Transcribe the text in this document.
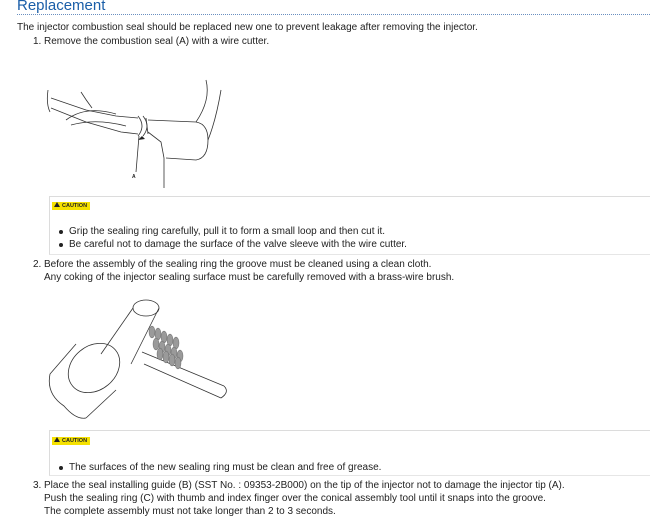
Replacement
The injector combustion seal should be replaced new one to prevent leakage after removing the injector.
1. Remove the combustion seal (A) with a wire cutter.
A
CAUTION
Grip the sealing ring carefully, pull it to form a small loop and then cut it.
Be careful not to damage the surface of the valve sleeve with the wire cutter.
2. Before the assembly of the sealing ring the groove must be cleaned using a clean cloth.
Any coking of the injector sealing surface must be carefully removed with a brass-wire brush.
CAUTION
The surfaces of the new sealing ring must be clean and free of grease.
3. Place the seal installing guide (B) (SST No. : 09353-2B000) on the tip of the injector not to damage the injector tip (A).
Push the sealing ring (C) with thumb and index finger over the conical assembly tool until it snaps into the groove.
The complete assembly must not take longer than 2 to 3 seconds.
